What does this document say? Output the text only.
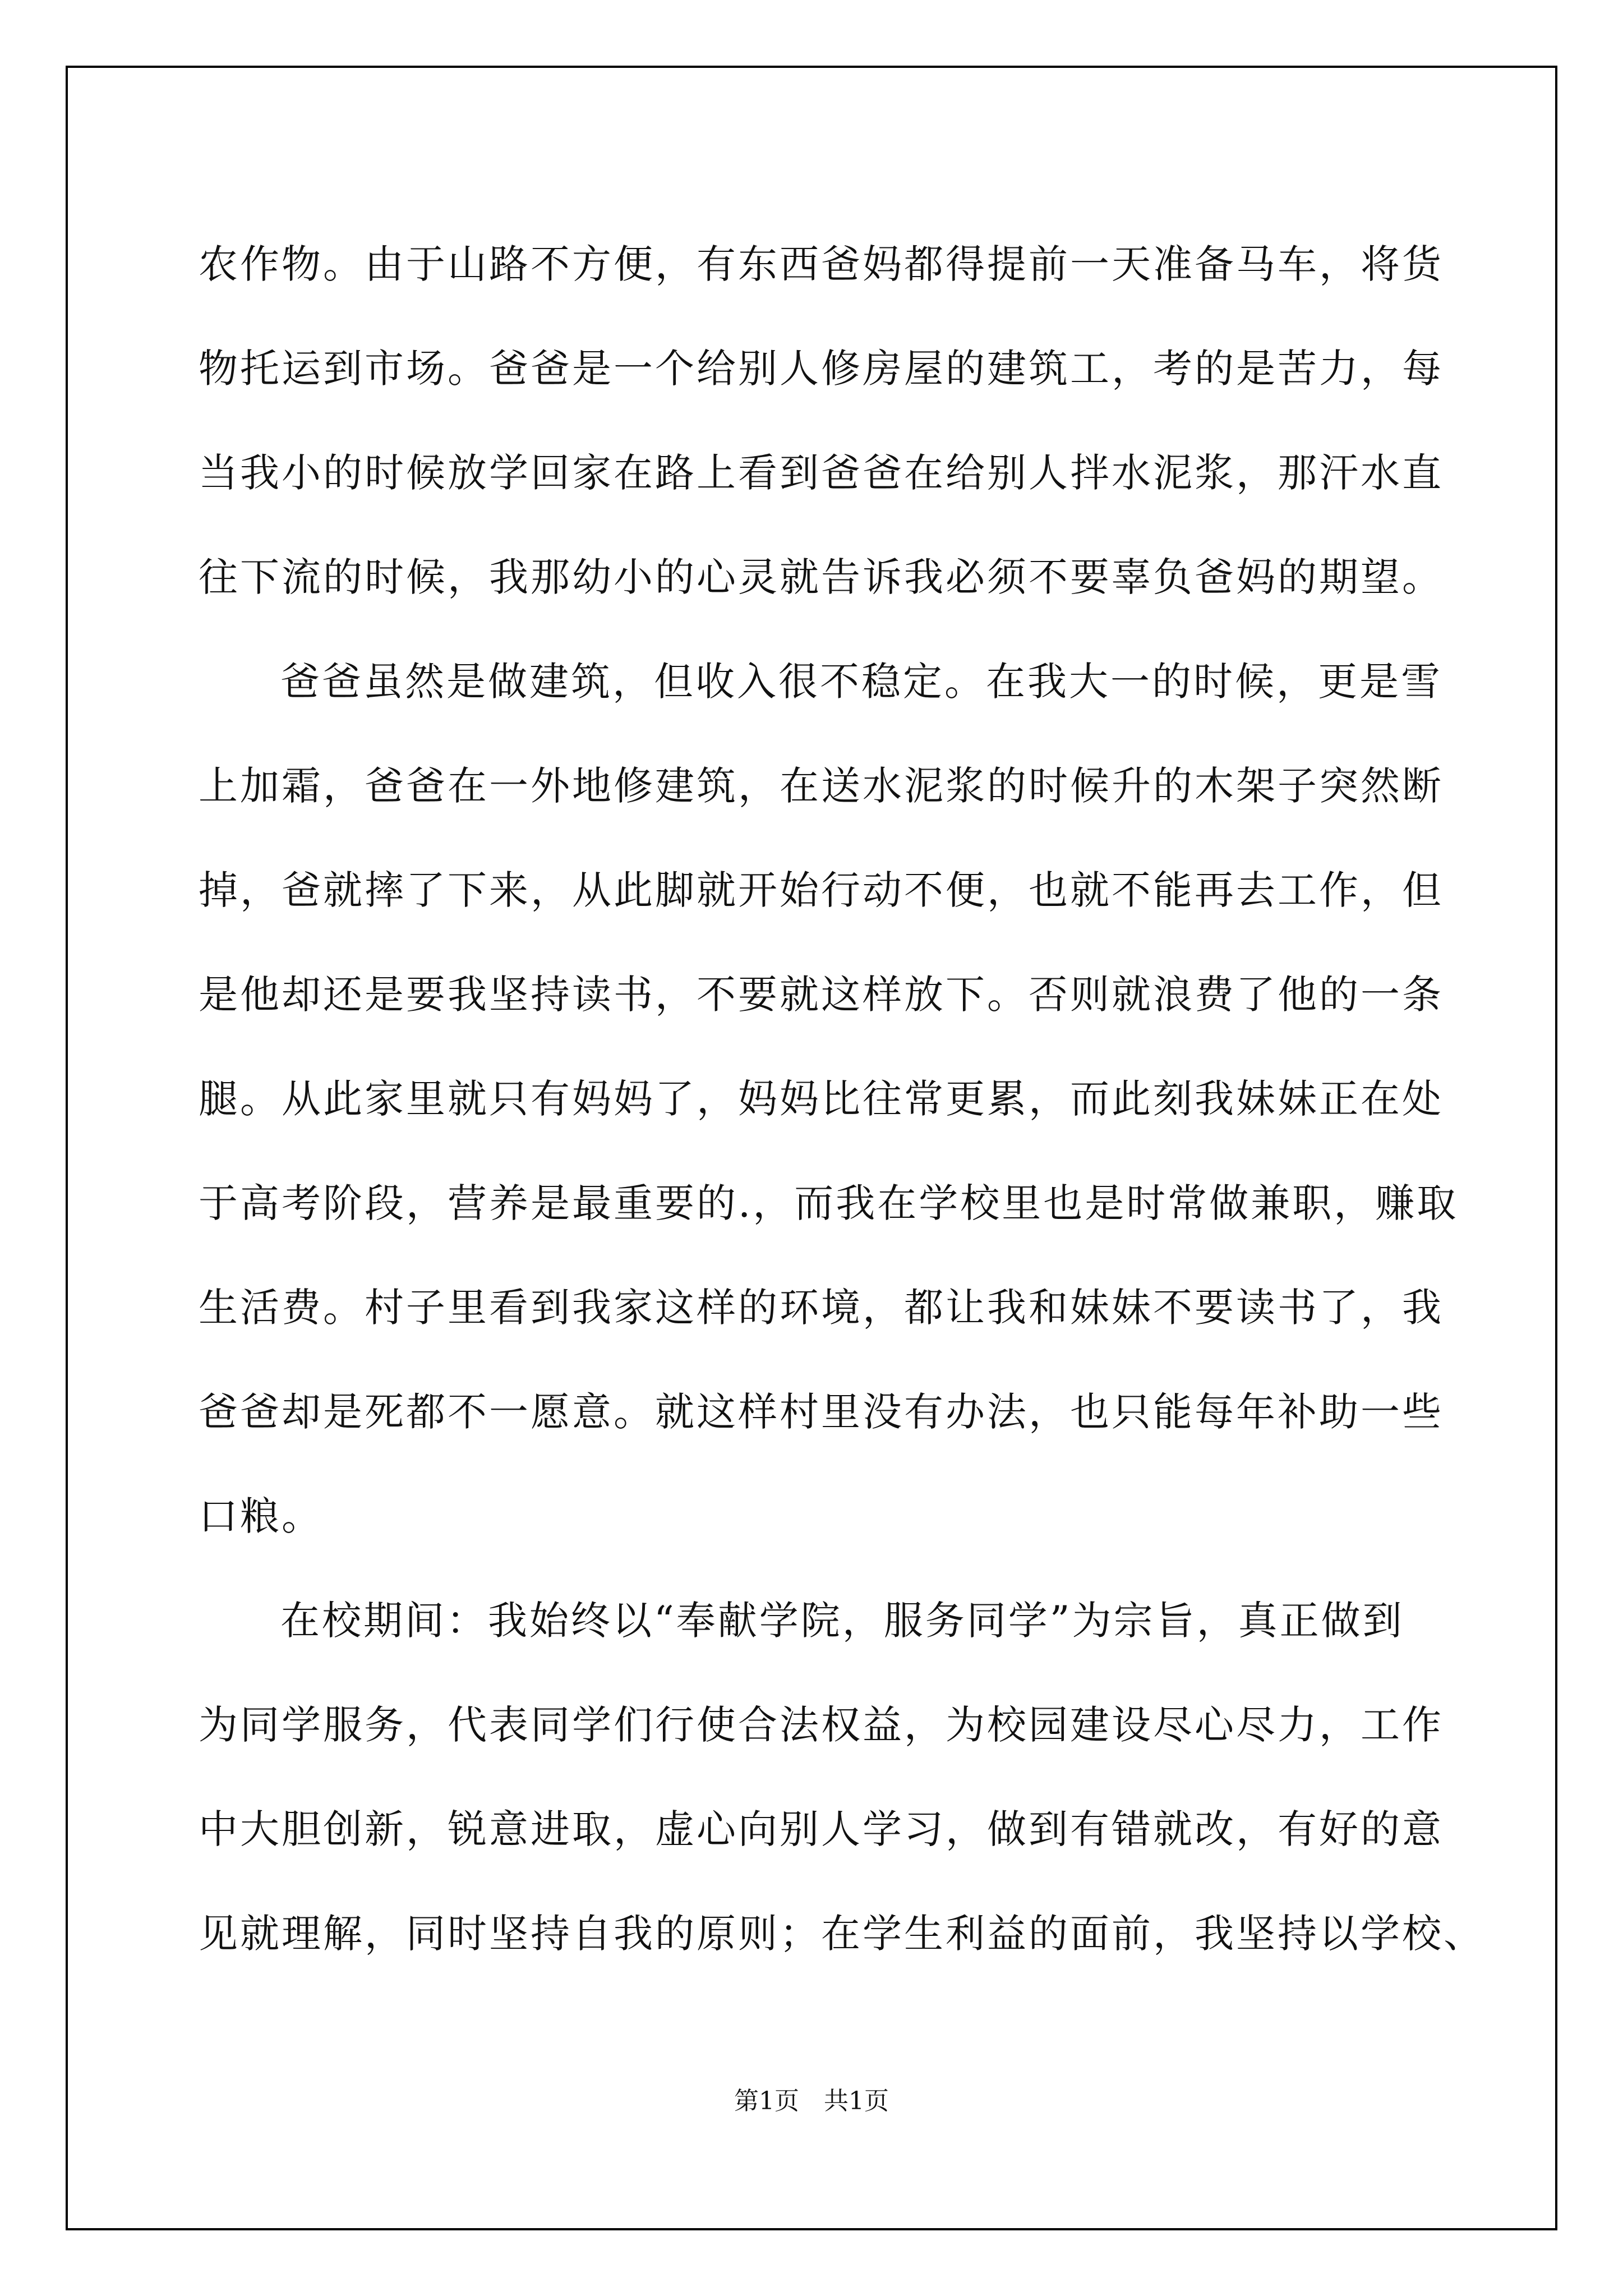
农作物。由于山路不方便，有东西爸妈都得提前一天准备马车，将货
物托运到市场。爸爸是一个给别人修房屋的建筑工，考的是苦力，每
当我小的时候放学回家在路上看到爸爸在给别人拌水泥浆，那汗水直
往下流的时候，我那幼小的心灵就告诉我必须不要辜负爸妈的期望。
爸爸虽然是做建筑，但收入很不稳定。在我大一的时候，更是雪
上加霜，爸爸在一外地修建筑，在送水泥浆的时候升的木架子突然断
掉，爸就摔了下来，从此脚就开始行动不便，也就不能再去工作，但
是他却还是要我坚持读书，不要就这样放下。否则就浪费了他的一条
腿。从此家里就只有妈妈了，妈妈比往常更累，而此刻我妹妹正在处
于高考阶段，营养是最重要的.，而我在学校里也是时常做兼职，赚取
生活费。村子里看到我家这样的环境，都让我和妹妹不要读书了，我
爸爸却是死都不一愿意。就这样村里没有办法，也只能每年补助一些
口粮。
在校期间：我始终以“奉献学院，服务同学”为宗旨，真正做到
为同学服务，代表同学们行使合法权益，为校园建设尽心尽力，工作
中大胆创新，锐意进取，虚心向别人学习，做到有错就改，有好的意
见就理解，同时坚持自我的原则；在学生利益的面前，我坚持以学校、
第1页 共1页
